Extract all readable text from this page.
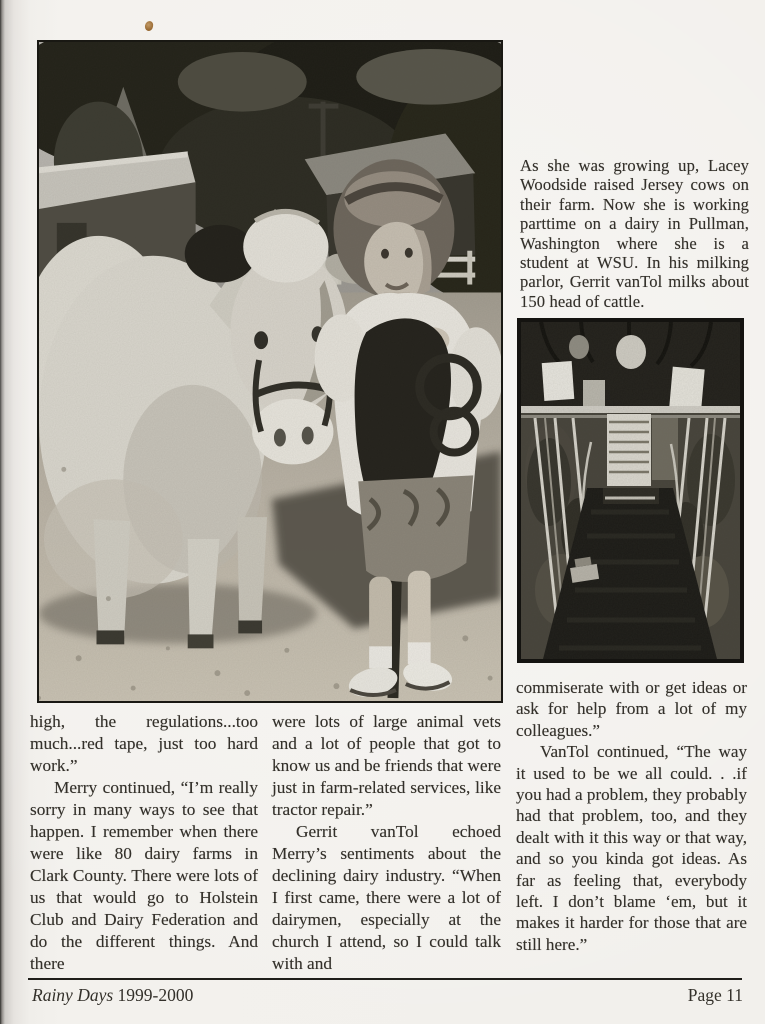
As she was growing up, Lacey Woodside raised Jersey cows on their farm. Now she is working parttime on a dairy in Pullman, Washington where she is a student at WSU. In his milking parlor, Gerrit vanTol milks about 150 head of cattle.

high, the regulations...too much...red tape, just too hard work.”

Merry continued, “I’m really sorry in many ways to see that happen. I remember when there were like 80 dairy farms in Clark County. There were lots of us that would go to Holstein Club and Dairy Federation and do the different things. And there

were lots of large animal vets and a lot of people that got to know us and be friends that were just in farm-related services, like tractor repair.”

Gerrit vanTol echoed Merry’s sentiments about the declining dairy industry. “When I first came, there were a lot of dairymen, especially at the church I attend, so I could talk with and

commiserate with or get ideas or ask for help from a lot of my colleagues.”

VanTol continued, “The way it used to be we all could. . .if you had a problem, they probably had that problem, too, and they dealt with it this way or that way, and so you kinda got ideas. As far as feeling that, everybody left. I don’t blame ‘em, but it makes it harder for those that are still here.”

Rainy Days 1999-2000	Page 11
